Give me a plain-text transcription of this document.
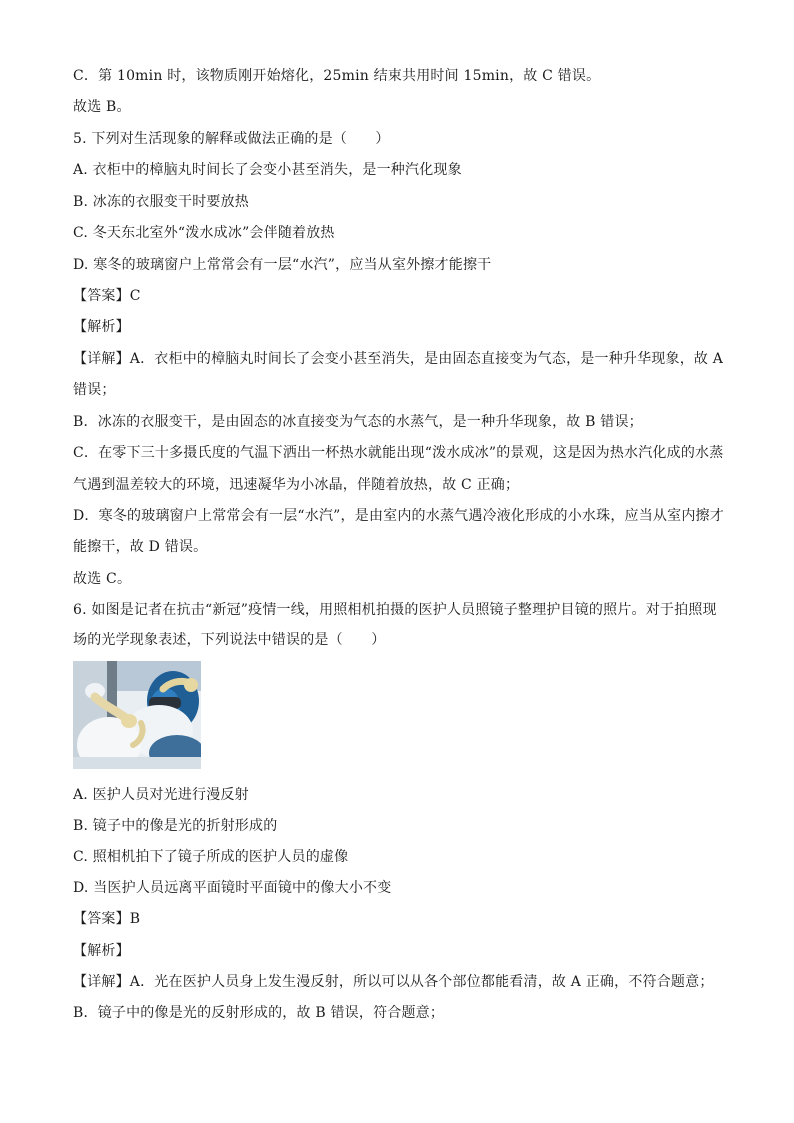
C．第 10min 时，该物质刚开始熔化，25min 结束共用时间 15min，故 C 错误。
故选 B。
5. 下列对生活现象的解释或做法正确的是（　　）
A. 衣柜中的樟脑丸时间长了会变小甚至消失，是一种汽化现象
B. 冰冻的衣服变干时要放热
C. 冬天东北室外“泼水成冰”会伴随着放热
D. 寒冬的玻璃窗户上常常会有一层“水汽”，应当从室外擦才能擦干
【答案】C
【解析】
【详解】A．衣柜中的樟脑丸时间长了会变小甚至消失，是由固态直接变为气态，是一种升华现象，故 A
错误；
B．冰冻的衣服变干，是由固态的冰直接变为气态的水蒸气，是一种升华现象，故 B 错误；
C．在零下三十多摄氏度的气温下洒出一杯热水就能出现“泼水成冰”的景观，这是因为热水汽化成的水蒸
气遇到温差较大的环境，迅速凝华为小冰晶，伴随着放热，故 C 正确；
D．寒冬的玻璃窗户上常常会有一层“水汽”，是由室内的水蒸气遇冷液化形成的小水珠，应当从室内擦才
能擦干，故 D 错误。
故选 C。
6. 如图是记者在抗击“新冠”疫情一线，用照相机拍摄的医护人员照镜子整理护目镜的照片。对于拍照现
场的光学现象表述，下列说法中错误的是（　　）
A. 医护人员对光进行漫反射
B. 镜子中的像是光的折射形成的
C. 照相机拍下了镜子所成的医护人员的虚像
D. 当医护人员远离平面镜时平面镜中的像大小不变
【答案】B
【解析】
【详解】A．光在医护人员身上发生漫反射，所以可以从各个部位都能看清，故 A 正确，不符合题意；
B．镜子中的像是光的反射形成的，故 B 错误，符合题意；
